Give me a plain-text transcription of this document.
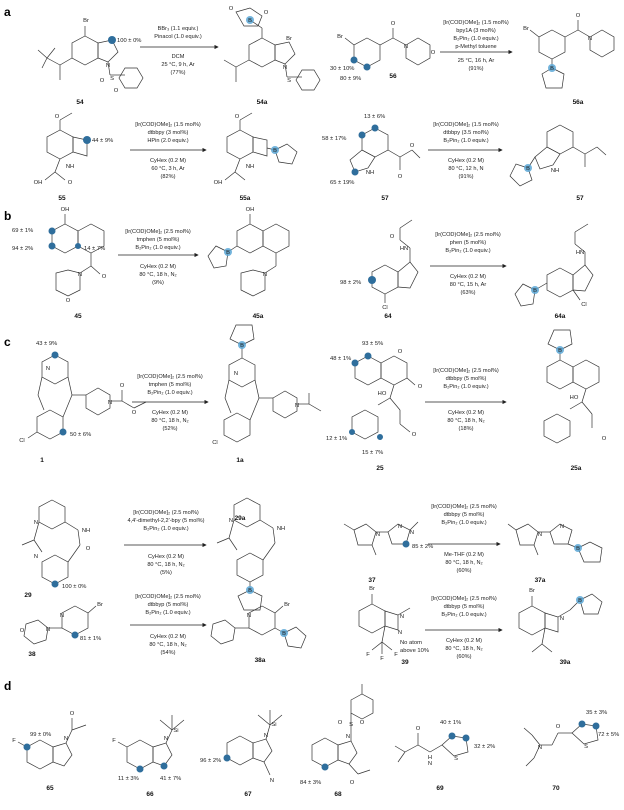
a
b
c
d
Br
N
S
O
O
100 ± 0%
54
BBr₃ (1.1 equiv.)
Pinacol (1.0 equiv.)
DCM
25 °C, 9 h, Ar
(77%)
B
Br
N
S
O
O
54a
Br
O
N
O
30 ± 10%
80 ± 9%	56
[Ir(COD)OMe]₂ (1.5 mol%)
bpy1A (3 mol%)
B₂Pin₂ (1.0 equiv.)
p-Methyl toluene
25 °C, 16 h, Ar
(91%)	B
Br
O
N
56a
O
NH
OH	O
44 ± 9%
55
[Ir(COD)OMe]₂ (1.5 mol%)
dtbbpy (3 mol%)
HPin (2.0 equiv.)
CyHex (0.2 M)
60 °C, 3 h, Ar
(82%)
B
O
NH
OH
55a
NH
O
O
13 ± 6%
58 ± 17%
65 ± 19%
57
[Ir(COD)OMe]₂ (1.5 mol%)
dtbbpy (3.5 mol%)
B₂Pin₂ (1.0 equiv.)
CyHex (0.2 M)
80 °C, 12 h, N
(91%)
B	NH
57
OH
N	O
O
69 ± 1%
94 ± 2%	14 ± 7%
45
[Ir(COD)OMe]₂ (2.5 mol%)
tmphen (5 mol%)
B₂Pin₂ (1.0 equiv.)
CyHex (0.2 M)
80 °C, 18 h, N₂
(9%)
B
OH
N
45a
HN
O
Cl
98 ± 2%
64
[Ir(COD)OMe]₂ (2.5 mol%)
phen (5 mol%)
B₂Pin₂ (1.0 equiv.)
CyHex (0.2 M)
80 °C, 15 h, Ar
(63%)	B
HN
Cl
64a
N
N
O
O
Cl
43 ± 9%
50 ± 6%
1
[Ir(COD)OMe]₂ (2.5 mol%)
tmphen (5 mol%)
B₂Pin₂ (1.0 equiv.)
CyHex (0.2 M)
80 °C, 18 h, N₂
(52%)
B
N
N
Cl
1a
HO
O
O
O
93 ± 5%
48 ± 1%
12 ± 1%
15 ± 7%
25
[Ir(COD)OMe]₂ (2.5 mol%)
dtbbpy (5 mol%)
B₂Pin₂ (1.0 equiv.)
CyHex (0.2 M)
80 °C, 18 h, N₂
(18%)
B
HO
O
25a
N
N
NH
O
100 ± 0%
29
[Ir(COD)OMe]₂ (2.5 mol%)
4,4′-dimethyl-2,2′-bpy (5 mol%)
B₂Pin₂ (1.0 equiv.)
CyHex (0.2 M)
80 °C, 18 h, N₂
(5%)
B
N
NH
29a
N
N
N
85 ± 2%
37
[Ir(COD)OMe]₂ (2.5 mol%)
dtbbpy (5 mol%)
B₂Pin₂ (1.0 equiv.)
Me-THF (0.2 M)
80 °C, 18 h, N₂
(60%)
B
N
N
37a
Br
N
N
O
81 ± 1%
38
[Ir(COD)OMe]₂ (2.5 mol%)
dtbbyp (5 mol%)
B₂Pin₂ (1.0 equiv.)
CyHex (0.2 M)
80 °C, 18 h, N₂
(54%)
B
Br
N
38a
Br
N
N
F
F
F
No atom
above 10%
39
[Ir(COD)OMe]₂ (2.5 mol%)
dtbbyp (5 mol%)
B₂Pin₂ (1.0 equiv.)
CyHex (0.2 M)
80 °C, 18 h, N₂
(60%)
B
Br
N
39a
F	N
O
99 ± 0%
65
F	N
Si
11 ± 3%	41 ± 7%
66
N
Si
N
96 ± 2%
67
N
S
O	O
O
84 ± 3%
68
H
N
S
O
40 ± 1%
32 ± 2%
69
N
O
S
35 ± 3%
72 ± 5%
70
